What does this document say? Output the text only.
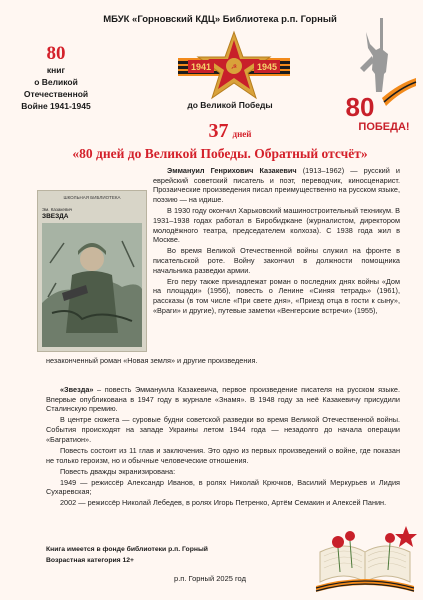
МБУК «Горновский КДЦ» Библиотека р.п. Горный
80
книг
о Великой
Отечественной
Войне 1941-1945
☭
1941	1945
до Великой Победы	80
ПОБЕДА!
37 дней
«80 дней до Великой Победы. Обратный отсчёт»
ШКОЛЬНАЯ БИБЛИОТЕКА
Эм. Казакевич
ЗВЕЗДА

Эммануил Генрихович Казакевич (1913–1962) — русский и еврейский советский писатель и поэт, переводчик, киносценарист. Прозаические произведения писал преимущественно на русском языке, поэзию — на идише.

В 1930 году окончил Харьковский машиностроительный техникум. В 1931–1938 годах работал в Биробиджане (журналистом, директором молодёжного театра, председателем колхоза). С 1938 года жил в Москве.

Во время Великой Отечественной войны служил на фронте в писательской роте. Войну закончил в должности помощника начальника разведки армии.

Его перу также принадлежат роман о последних днях войны «Дом на площади» (1956), повесть о Ленине «Синяя тетрадь» (1961), рассказы (в том числе «При свете дня», «Приезд отца в гости к сыну», «Враги» и другие), путевые заметки «Венгерские встречи» (1955),

незаконченный роман «Новая земля» и другие произведения.

«Звезда» – повесть Эммануила Казакевича, первое произведение писателя на русском языке. Впервые опубликована в 1947 году в журнале «Знамя». В 1948 году за неё Казакевичу присудили Сталинскую премию.

В центре сюжета — суровые будни советской разведки во время Великой Отечественной войны. События происходят на западе Украины летом 1944 года — незадолго до начала операции «Багратион».

Повесть состоит из 11 глав и заключения. Это одно из первых произведений о войне, где показан не только героизм, но и обычные человеческие отношения.

Повесть дважды экранизирована:

1949 — режиссёр Александр Иванов, в ролях Николай Крючков, Василий Меркурьев и Лидия Сухаревская;

2002 — режиссёр Николай Лебедев, в ролях Игорь Петренко, Артём Семакин и Алексей Панин.

Книга имеется в фонде библиотеки р.п. Горный
Возрастная категория 12+
р.п. Горный 2025 год
